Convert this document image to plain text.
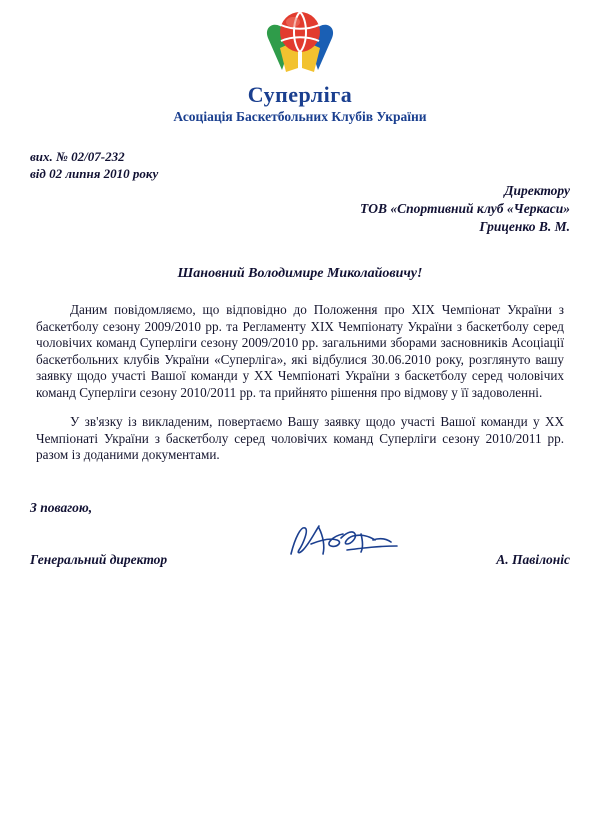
Суперліга
Асоціація Баскетбольних Клубів України
вих. № 02/07-232
від 02 липня 2010 року
Директору
ТОВ «Спортивний клуб «Черкаси»
Гриценко В. М.
Шановний Володимире Миколайовичу!

Даним повідомляємо, що відповідно до Положення про XIX Чемпіонат України з баскетболу сезону 2009/2010 рр. та Регламенту XIX Чемпіонату України з баскетболу серед чоловічих команд Суперліги сезону 2009/2010 рр. загальними зборами засновників Асоціації баскетбольних клубів України «Суперліга», які відбулися 30.06.2010 року, розглянуто вашу заявку щодо участі Вашої команди у XX Чемпіонаті України з баскетболу серед чоловічих команд Суперліги сезону 2010/2011 рр. та прийнято рішення про відмову у її задоволенні.

У зв'язку із викладеним, повертаємо Вашу заявку щодо участі Вашої команди у XX Чемпіонаті України з баскетболу серед чоловічих команд Суперліги сезону 2010/2011 рр. разом із доданими документами.

З повагою,
Генеральний директор	А. Павілоніс
